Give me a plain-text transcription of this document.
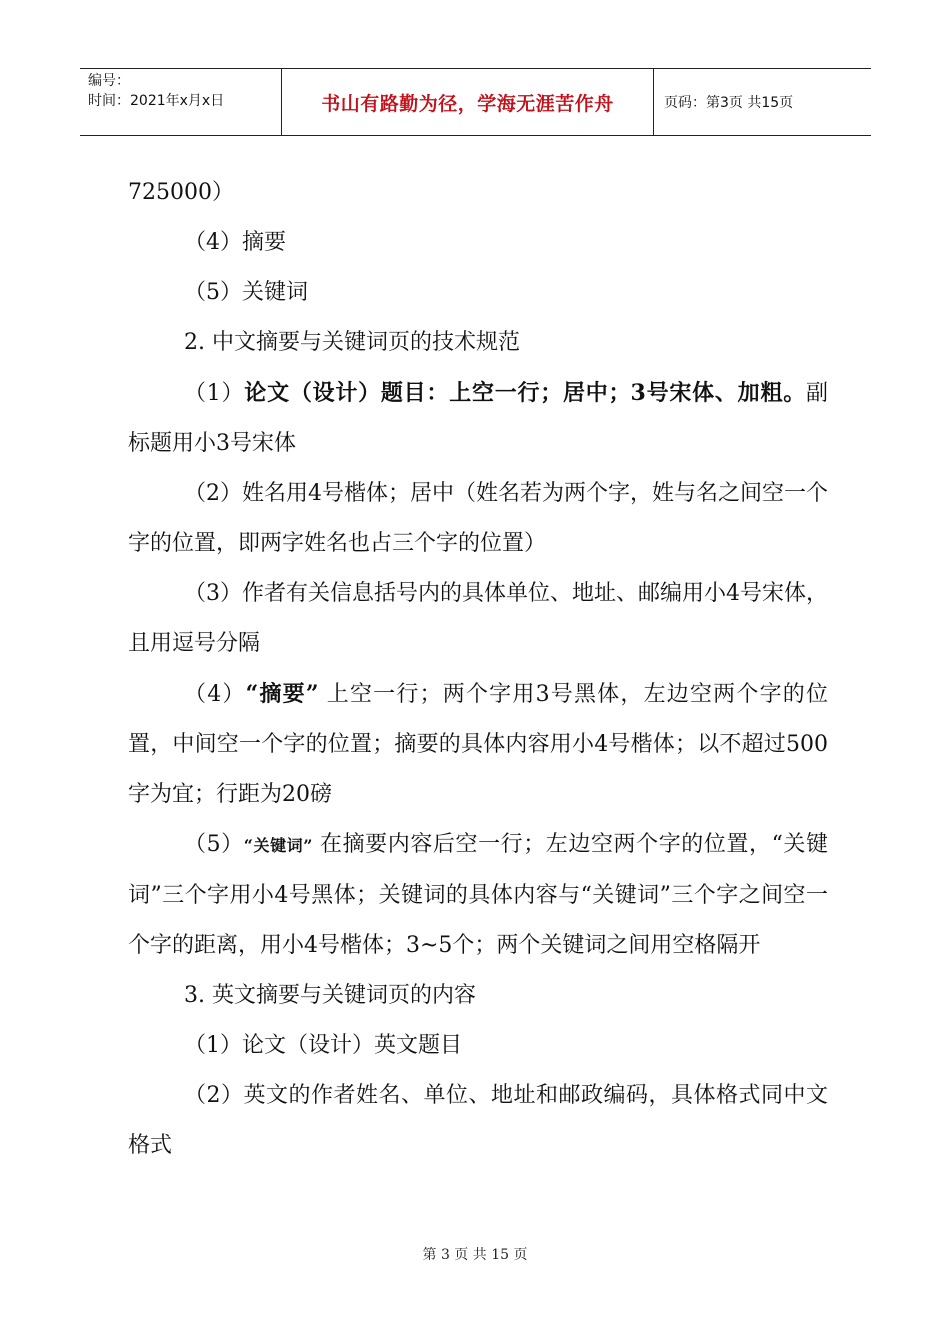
编号：
时间：2021年x月x日	书山有路勤为径，学海无涯苦作舟	页码：第3页 共15页

725000）

（4）摘要

（5）关键词

2. 中文摘要与关键词页的技术规范

（1）论文（设计）题目：上空一行；居中；3号宋体、加粗。副标题用小3号宋体

（2）姓名用4号楷体；居中（姓名若为两个字，姓与名之间空一个字的位置，即两字姓名也占三个字的位置）

（3）作者有关信息括号内的具体单位、地址、邮编用小4号宋体，且用逗号分隔

（4）“摘要” 上空一行；两个字用3号黑体，左边空两个字的位置，中间空一个字的位置；摘要的具体内容用小4号楷体；以不超过500字为宜；行距为20磅

（5）“关键词” 在摘要内容后空一行；左边空两个字的位置，“关键词”三个字用小4号黑体；关键词的具体内容与“关键词”三个字之间空一个字的距离，用小4号楷体；3~5个；两个关键词之间用空格隔开

3. 英文摘要与关键词页的内容

（1）论文（设计）英文题目

（2）英文的作者姓名、单位、地址和邮政编码，具体格式同中文格式

第 3 页 共 15 页
